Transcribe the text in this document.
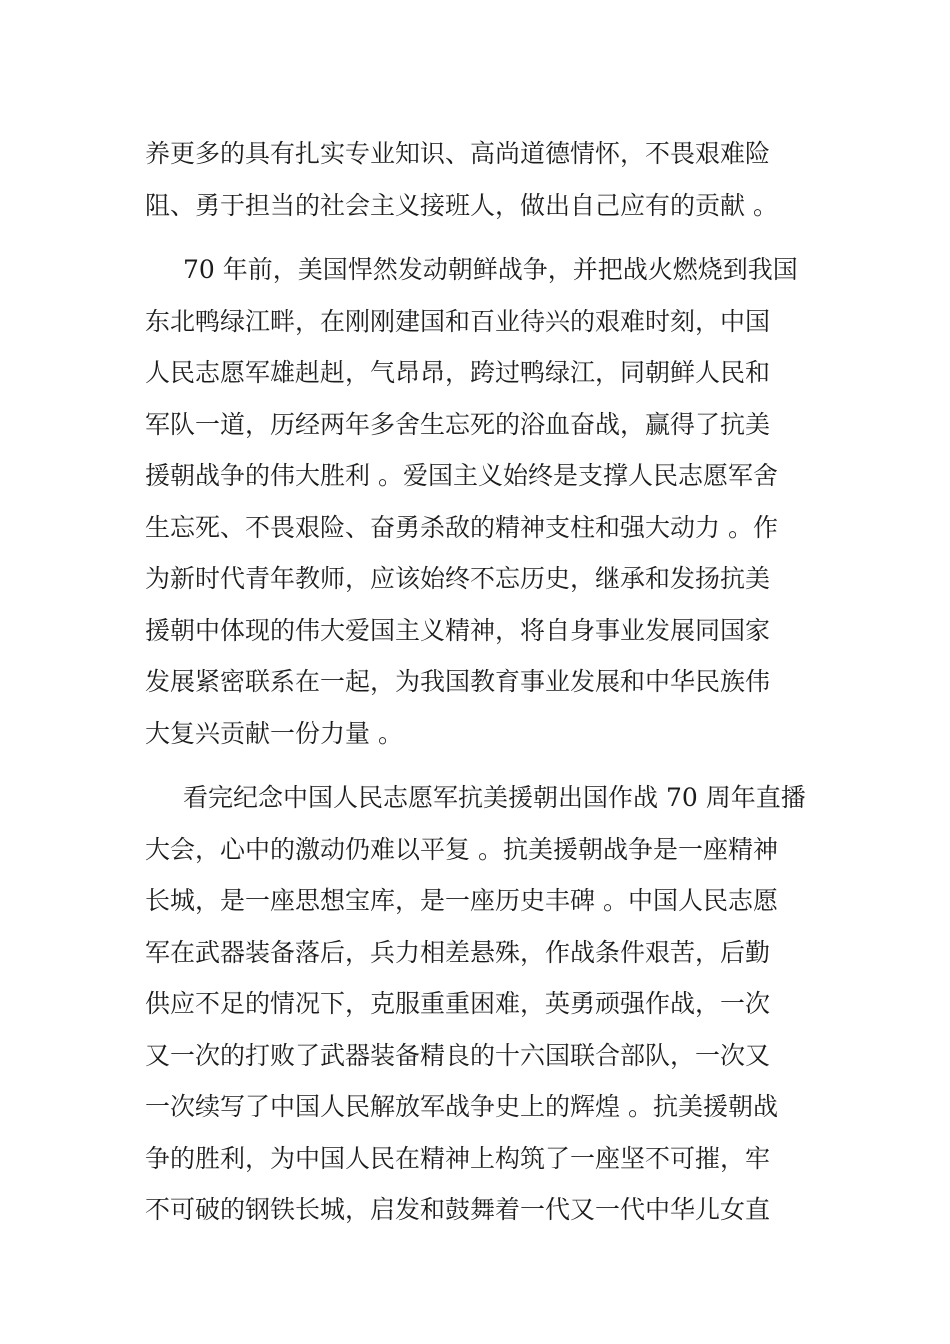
养更多的具有扎实专业知识、高尚道德情怀，不畏艰难险
阻、勇于担当的社会主义接班人，做出自己应有的贡献 。
70 年前，美国悍然发动朝鲜战争，并把战火燃烧到我国
东北鸭绿江畔，在刚刚建国和百业待兴的艰难时刻，中国
人民志愿军雄赳赳，气昂昂，跨过鸭绿江，同朝鲜人民和
军队一道，历经两年多舍生忘死的浴血奋战，赢得了抗美
援朝战争的伟大胜利 。爱国主义始终是支撑人民志愿军舍
生忘死、不畏艰险、奋勇杀敌的精神支柱和强大动力 。作
为新时代青年教师，应该始终不忘历史，继承和发扬抗美
援朝中体现的伟大爱国主义精神，将自身事业发展同国家
发展紧密联系在一起，为我国教育事业发展和中华民族伟
大复兴贡献一份力量 。
看完纪念中国人民志愿军抗美援朝出国作战 70 周年直播
大会，心中的激动仍难以平复 。抗美援朝战争是一座精神
长城，是一座思想宝库，是一座历史丰碑 。中国人民志愿
军在武器装备落后，兵力相差悬殊，作战条件艰苦，后勤
供应不足的情况下，克服重重困难，英勇顽强作战，一次
又一次的打败了武器装备精良的十六国联合部队，一次又
一次续写了中国人民解放军战争史上的辉煌 。抗美援朝战
争的胜利，为中国人民在精神上构筑了一座坚不可摧，牢
不可破的钢铁长城，启发和鼓舞着一代又一代中华儿女直
